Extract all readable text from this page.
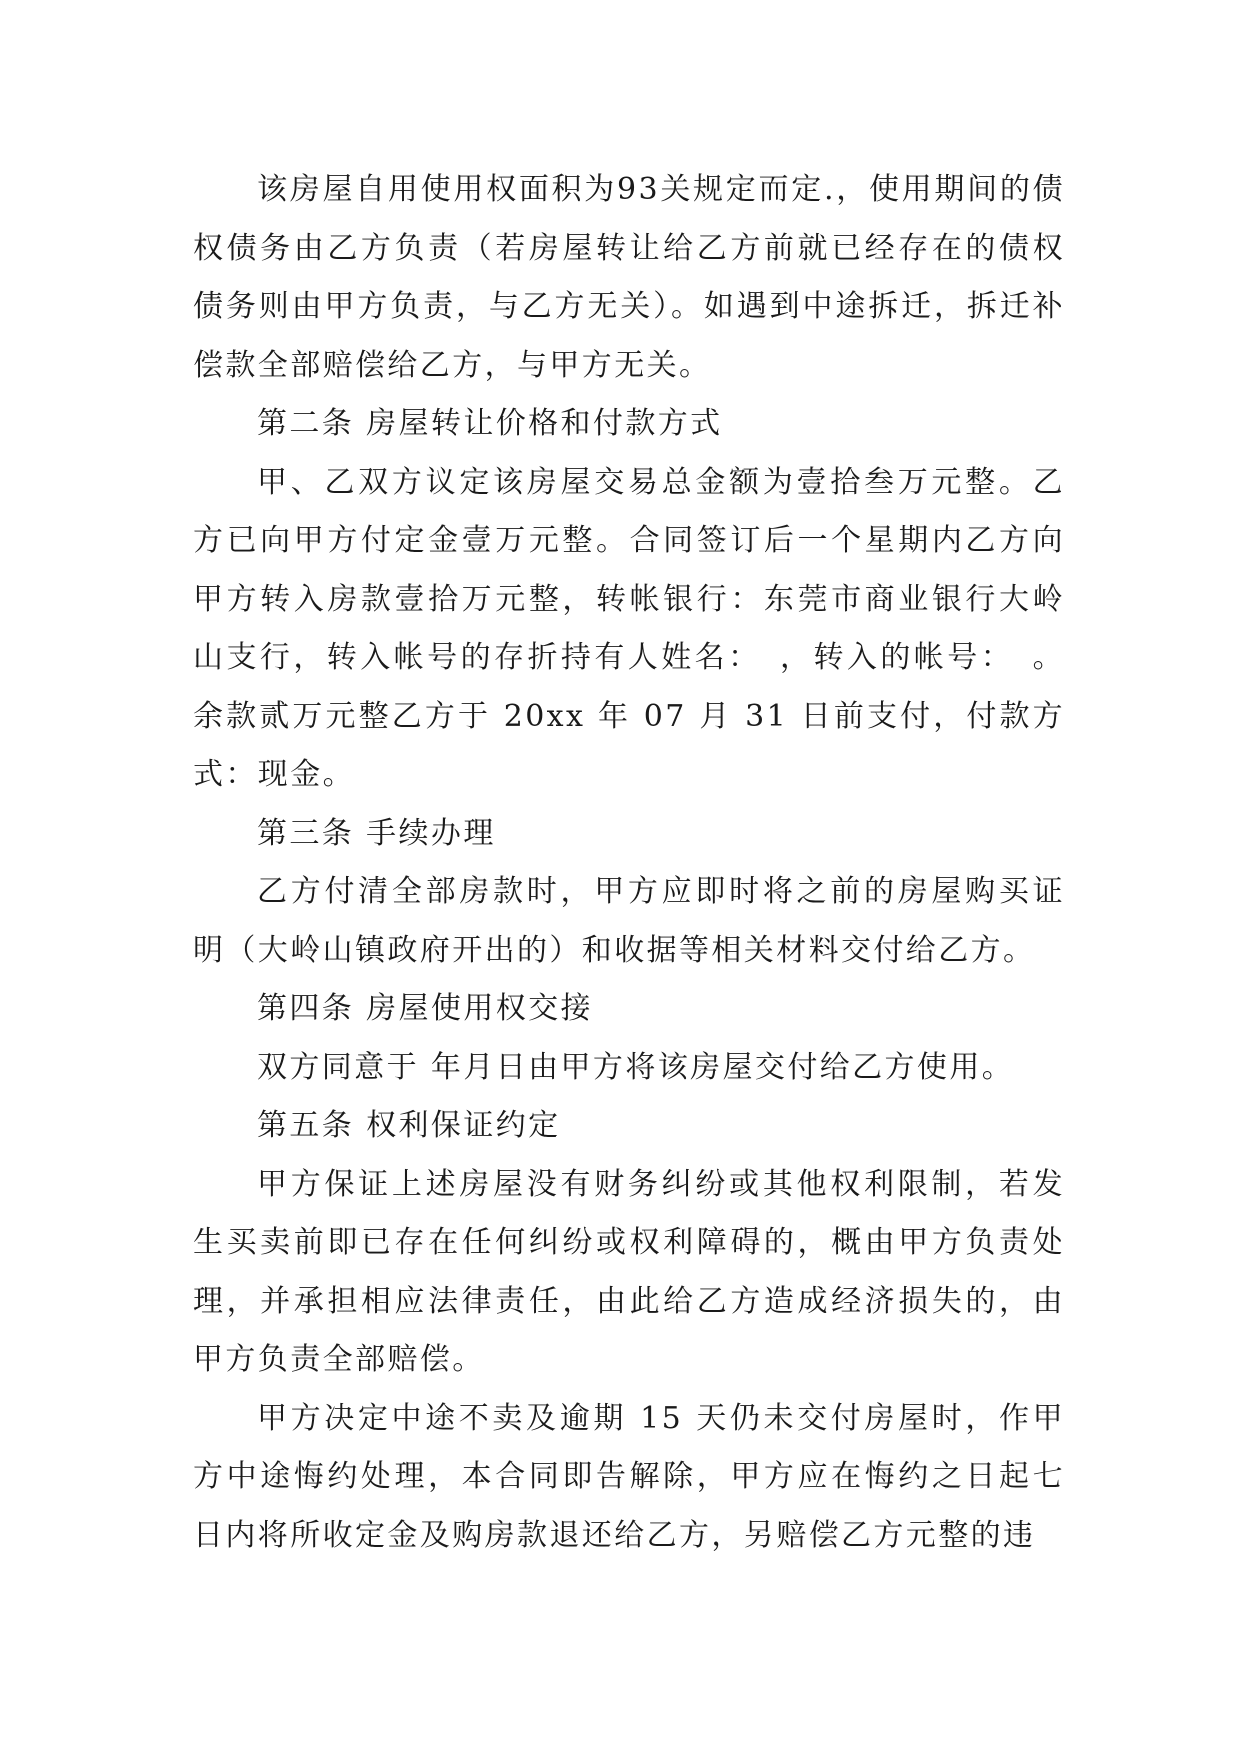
该房屋自用使用权面积为93关规定而定.，使用期间的债权债务由乙方负责（若房屋转让给乙方前就已经存在的债权债务则由甲方负责，与乙方无关）。如遇到中途拆迁，拆迁补偿款全部赔偿给乙方，与甲方无关。

第二条 房屋转让价格和付款方式

甲、乙双方议定该房屋交易总金额为壹拾叁万元整。乙方已向甲方付定金壹万元整。合同签订后一个星期内乙方向甲方转入房款壹拾万元整，转帐银行：东莞市商业银行大岭山支行，转入帐号的存折持有人姓名：　，转入的帐号：　。余款贰万元整乙方于 20xx 年 07 月 31 日前支付，付款方式：现金。

第三条 手续办理

乙方付清全部房款时，甲方应即时将之前的房屋购买证明（大岭山镇政府开出的）和收据等相关材料交付给乙方。

第四条 房屋使用权交接

双方同意于 年月日由甲方将该房屋交付给乙方使用。

第五条 权利保证约定

甲方保证上述房屋没有财务纠纷或其他权利限制，若发生买卖前即已存在任何纠纷或权利障碍的，概由甲方负责处理，并承担相应法律责任，由此给乙方造成经济损失的，由甲方负责全部赔偿。

甲方决定中途不卖及逾期 15 天仍未交付房屋时，作甲方中途悔约处理，本合同即告解除，甲方应在悔约之日起七日内将所收定金及购房款退还给乙方，另赔偿乙方元整的违
